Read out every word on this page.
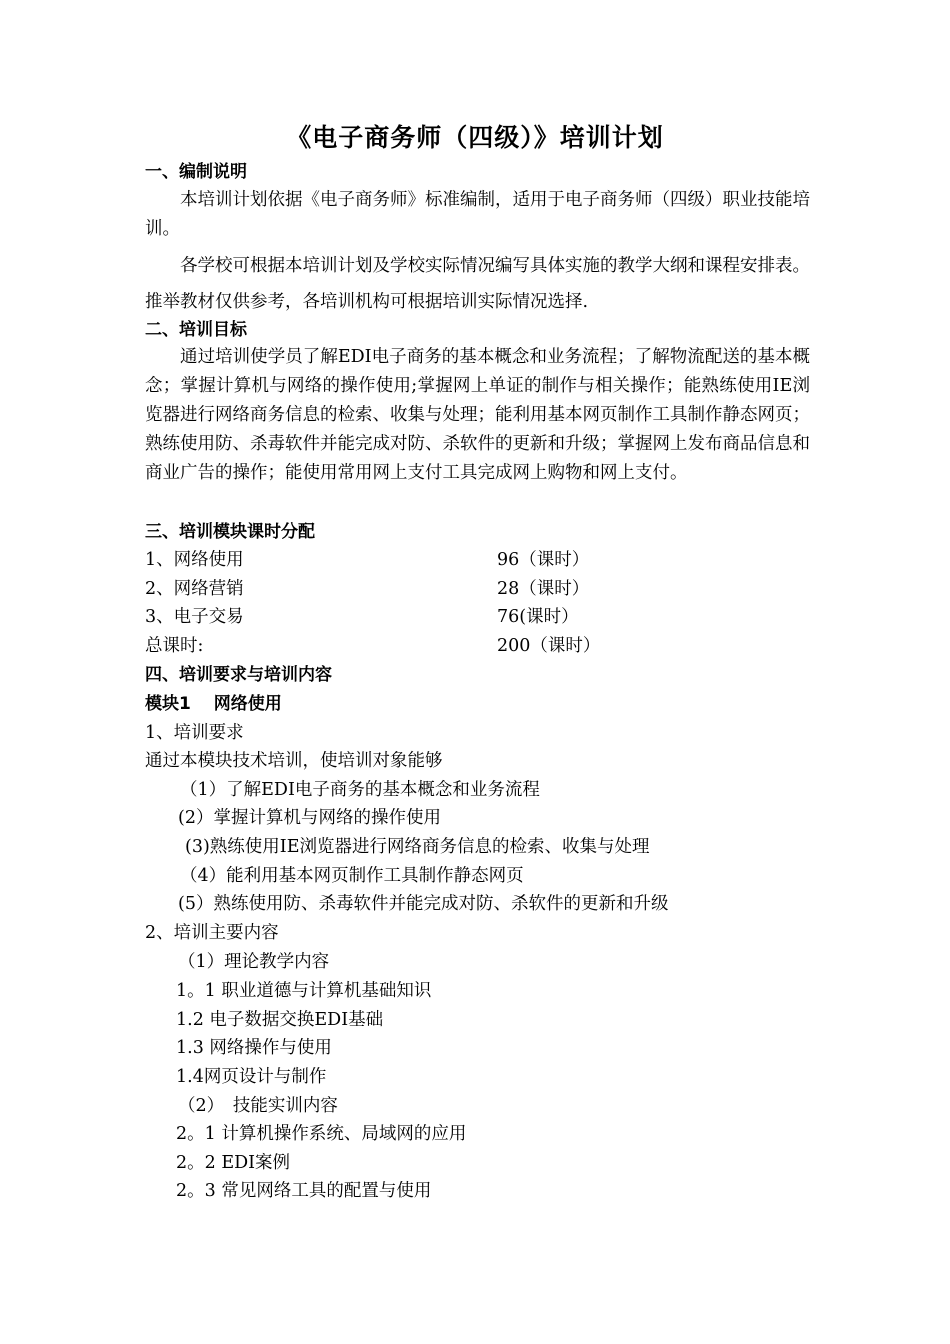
《电子商务师（四级）》培训计划
一、编制说明
本培训计划依据《电子商务师》标准编制，适用于电子商务师（四级）职业技能培训。
各学校可根据本培训计划及学校实际情况编写具体实施的教学大纲和课程安排表。推举教材仅供参考，各培训机构可根据培训实际情况选择.
二、培训目标
通过培训使学员了解EDI电子商务的基本概念和业务流程；了解物流配送的基本概念；掌握计算机与网络的操作使用;掌握网上单证的制作与相关操作；能熟练使用IE浏览器进行网络商务信息的检索、收集与处理；能利用基本网页制作工具制作静态网页；熟练使用防、杀毒软件并能完成对防、杀软件的更新和升级；掌握网上发布商品信息和商业广告的操作；能使用常用网上支付工具完成网上购物和网上支付。
三、培训模块课时分配
1、网络使用	96（课时）
2、网络营销	28（课时）
3、电子交易	76(课时）
总课时:	200（课时）
四、培训要求与培训内容
模块1　 网络使用
1、培训要求
通过本模块技术培训，使培训对象能够
（1）了解EDI电子商务的基本概念和业务流程
(2）掌握计算机与网络的操作使用
(3)熟练使用IE浏览器进行网络商务信息的检索、收集与处理
（4）能利用基本网页制作工具制作静态网页
(5）熟练使用防、杀毒软件并能完成对防、杀软件的更新和升级
2、培训主要内容
（1）理论教学内容
1。1 职业道德与计算机基础知识
1.2 电子数据交换EDI基础
1.3 网络操作与使用
1.4网页设计与制作
（2）　技能实训内容
2。1 计算机操作系统、局域网的应用
2。2 EDI案例
2。3 常见网络工具的配置与使用
